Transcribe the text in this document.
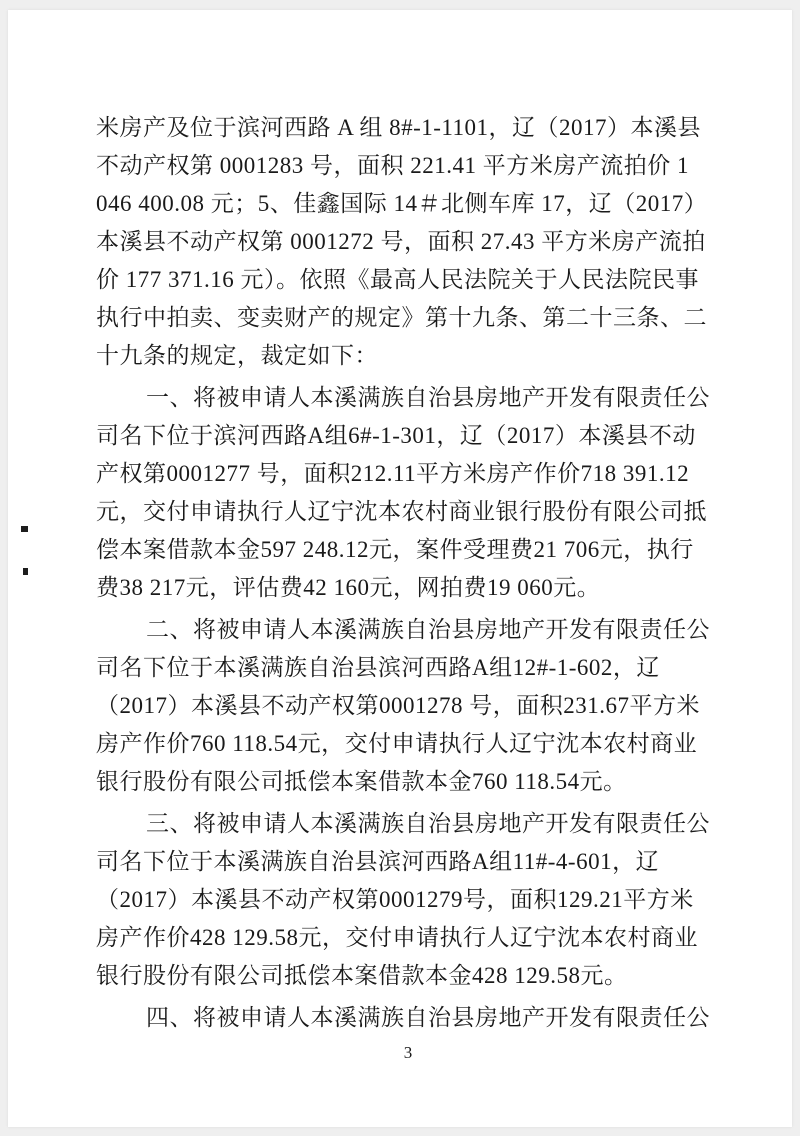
米房产及位于滨河西路 A 组 8#-1-1101，辽（2017）本溪县
不动产权第 0001283 号，面积 221.41 平方米房产流拍价 1
046 400.08 元；5、佳鑫国际 14＃北侧车库 17，辽（2017）
本溪县不动产权第 0001272 号，面积 27.43 平方米房产流拍
价 177 371.16 元）。依照《最高人民法院关于人民法院民事
执行中拍卖、变卖财产的规定》第十九条、第二十三条、二
十九条的规定，裁定如下：
一、将被申请人本溪满族自治县房地产开发有限责任公
司名下位于滨河西路A组6#-1-301，辽（2017）本溪县不动
产权第0001277 号，面积212.11平方米房产作价718 391.12
元，交付申请执行人辽宁沈本农村商业银行股份有限公司抵
偿本案借款本金597 248.12元，案件受理费21 706元，执行
费38 217元，评估费42 160元，网拍费19 060元。
二、将被申请人本溪满族自治县房地产开发有限责任公
司名下位于本溪满族自治县滨河西路A组12#-1-602，辽
（2017）本溪县不动产权第0001278 号，面积231.67平方米
房产作价760 118.54元，交付申请执行人辽宁沈本农村商业
银行股份有限公司抵偿本案借款本金760 118.54元。
三、将被申请人本溪满族自治县房地产开发有限责任公
司名下位于本溪满族自治县滨河西路A组11#-4-601，辽
（2017）本溪县不动产权第0001279号，面积129.21平方米
房产作价428 129.58元，交付申请执行人辽宁沈本农村商业
银行股份有限公司抵偿本案借款本金428 129.58元。
四、将被申请人本溪满族自治县房地产开发有限责任公
3
